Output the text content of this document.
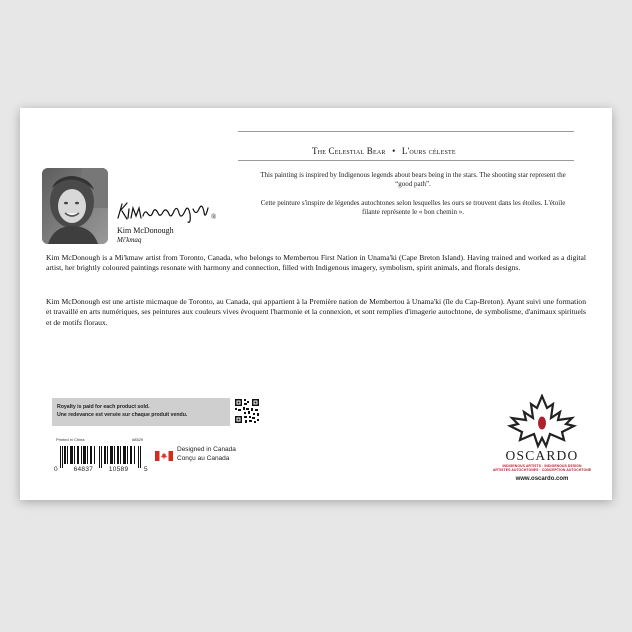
The Celestial Bear • L'ours céleste
This painting is inspired by Indigenous legends about bears being in the stars. The shooting star represent the “good path”.
Cette peinture s'inspire de légendes autochtones selon lesquelles les ours se trouvent dans les étoiles. L'étoile filante représente le « bon chemin ».
®
Kim McDonough
Mi'kmaq
Kim McDonough is a Mi'kmaw artist from Toronto, Canada, who belongs to Membertou First Nation in Unama'ki (Cape Breton Island). Having trained and worked as a digital artist, her brightly coloured paintings resonate with harmony and connection, filled with Indigenous imagery, symbolism, spirit animals, and florals designs.
Kim McDonough est une artiste micmaque de Toronto, au Canada, qui appartient à la Première nation de Membertou à Unama'ki (île du Cap-Breton). Ayant suivi une formation et travaillé en arts numériques, ses peintures aux couleurs vives évoquent l'harmonie et la connexion, et sont remplies d'imagerie autochtone, de symbolisme, d'animaux spirituels et de motifs floraux.
Royalty is paid for each product sold.
Une redevance est versée sur chaque produit vendu.
Printed in China	#8529
0 64837 10589 5
Designed in Canada
Conçu au Canada	OSCARDO
INDIGENOUS ARTISTS · INDIGENOUS DESIGN
ARTISTES AUTOCHTONES · CONCEPTION AUTOCHTONE
www.oscardo.com
